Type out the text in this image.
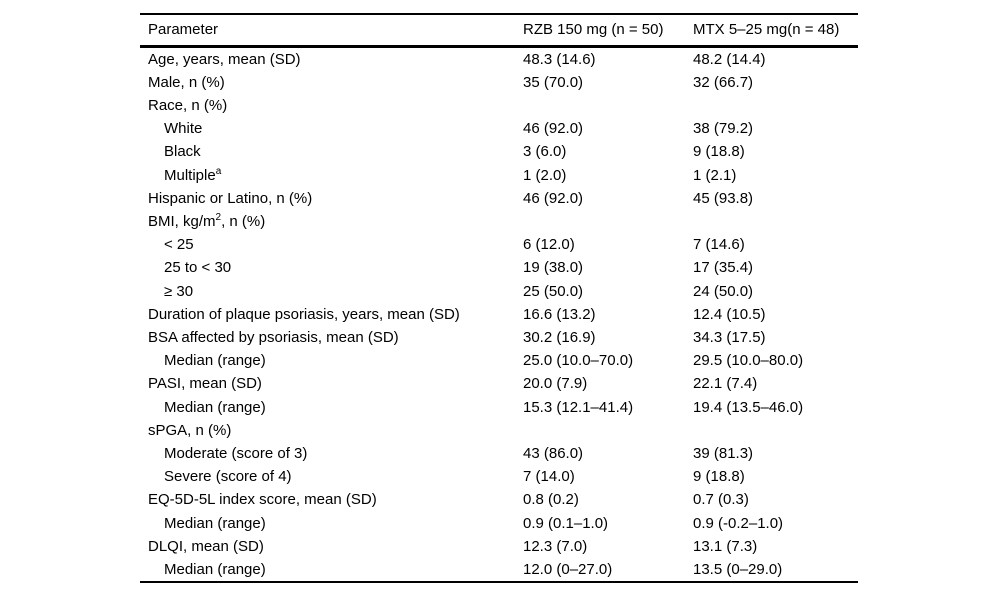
Parameter	RZB 150 mg (n = 50)	MTX 5–25 mg(n = 48)
Age, years, mean (SD)	48.3 (14.6)	48.2 (14.4)
Male, n (%)	35 (70.0)	32 (66.7)
Race, n (%)		
White	46 (92.0)	38 (79.2)
Black	3 (6.0)	9 (18.8)
Multiple$^a$	1 (2.0)	1 (2.1)
Hispanic or Latino, n (%)	46 (92.0)	45 (93.8)
BMI, $kg/m^2$, n (%)		
< 25	6 (12.0)	7 (14.6)
25 to < 30	19 (38.0)	17 (35.4)
≥ 30	25 (50.0)	24 (50.0)
Duration of plaque psoriasis, years, mean (SD)	16.6 (13.2)	12.4 (10.5)
BSA affected by psoriasis, mean (SD)	30.2 (16.9)	34.3 (17.5)
Median (range)	25.0 (10.0–70.0)	29.5 (10.0–80.0)
PASI, mean (SD)	20.0 (7.9)	22.1 (7.4)
Median (range)	15.3 (12.1–41.4)	19.4 (13.5–46.0)
sPGA, n (%)		
Moderate (score of 3)	43 (86.0)	39 (81.3)
Severe (score of 4)	7 (14.0)	9 (18.8)
EQ-5D-5L index score, mean (SD)	0.8 (0.2)	0.7 (0.3)
Median (range)	0.9 (0.1–1.0)	0.9 (-0.2–1.0)
DLQI, mean (SD)	12.3 (7.0)	13.1 (7.3)
Median (range)	12.0 (0–27.0)	13.5 (0–29.0)
